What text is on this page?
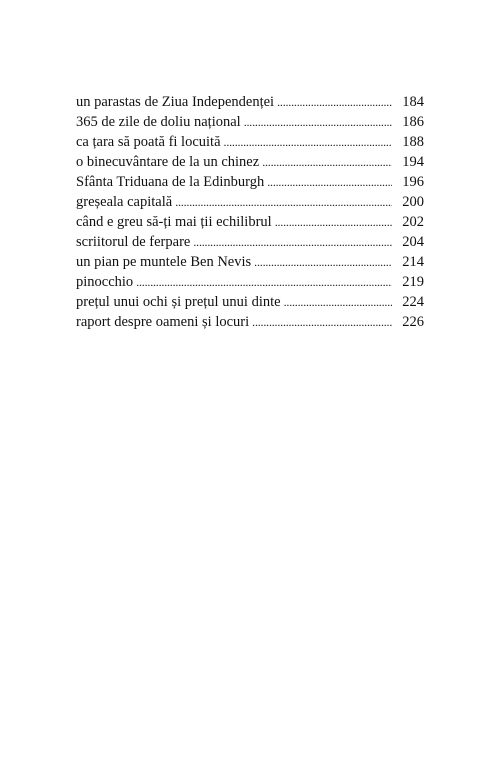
un parastas de Ziua Independenței . . .	184
365 de zile de doliu național . . .	186
ca țara să poată fi locuită . . .	188
o binecuvântare de la un chinez . . .	194
Sfânta Triduana de la Edinburgh . . .	196
greșeala capitală . . .	200
când e greu să-ți mai ții echilibrul . . .	202
scriitorul de ferpare . . .	204
un pian pe muntele Ben Nevis . . .	214
pinocchio . . .	219
prețul unui ochi și prețul unui dinte . . .	224
raport despre oameni și locuri . . .	226
